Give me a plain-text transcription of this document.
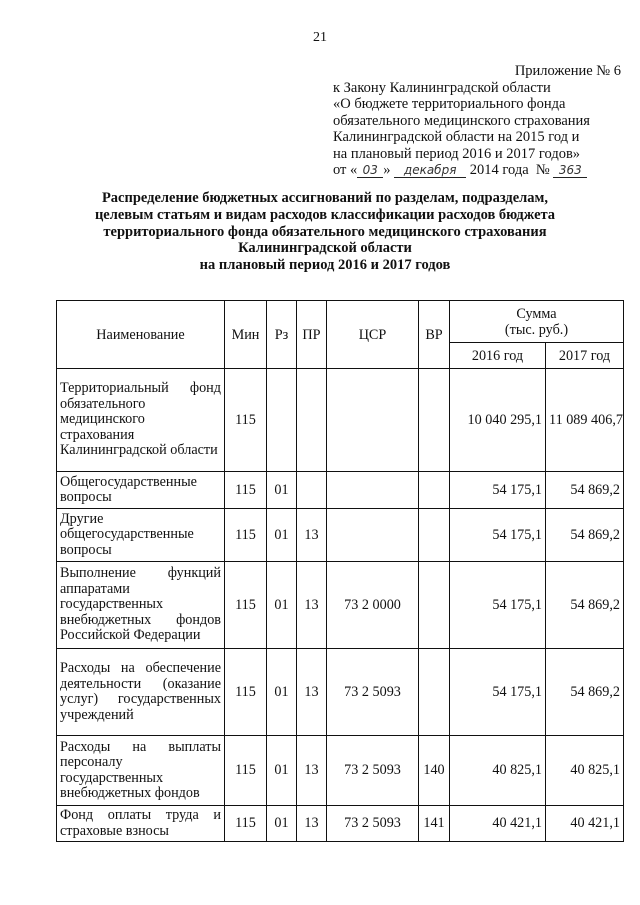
21
Приложение № 6
к Закону Калининградской области
«О бюджете территориального фонда
обязательного медицинского страхования
Калининградской области на 2015 год и
на плановый период 2016 и 2017 годов»
от « 03 » декабря 2014 года № 363
Распределение бюджетных ассигнований по разделам, подразделам,
целевым статьям и видам расходов классификации расходов бюджета
территориального фонда обязательного медицинского страхования
Калининградской области
на плановый период 2016 и 2017 годов
Наименование	Мин	Рз	ПР	ЦСР	ВР	Сумма
(тыс. руб.)	

						2016 год	2017 год
Территориальный фонд обязательного медицинского страхования Калининградской области	115					10 040 295,1	11 089 406,7
Общегосударственные вопросы	115	01				54 175,1	54 869,2
Другие общегосударственные вопросы	115	01	13			54 175,1	54 869,2
Выполнение функций аппаратами государственных внебюджетных фондов Российской Федерации	115	01	13	73 2 0000		54 175,1	54 869,2
Расходы на обеспечение деятельности (оказание услуг) государственных учреждений	115	01	13	73 2 5093		54 175,1	54 869,2
Расходы на выплаты персоналу государственных внебюджетных фондов	115	01	13	73 2 5093	140	40 825,1	40 825,1
Фонд оплаты труда и страховые взносы	115	01	13	73 2 5093	141	40 421,1	40 421,1
